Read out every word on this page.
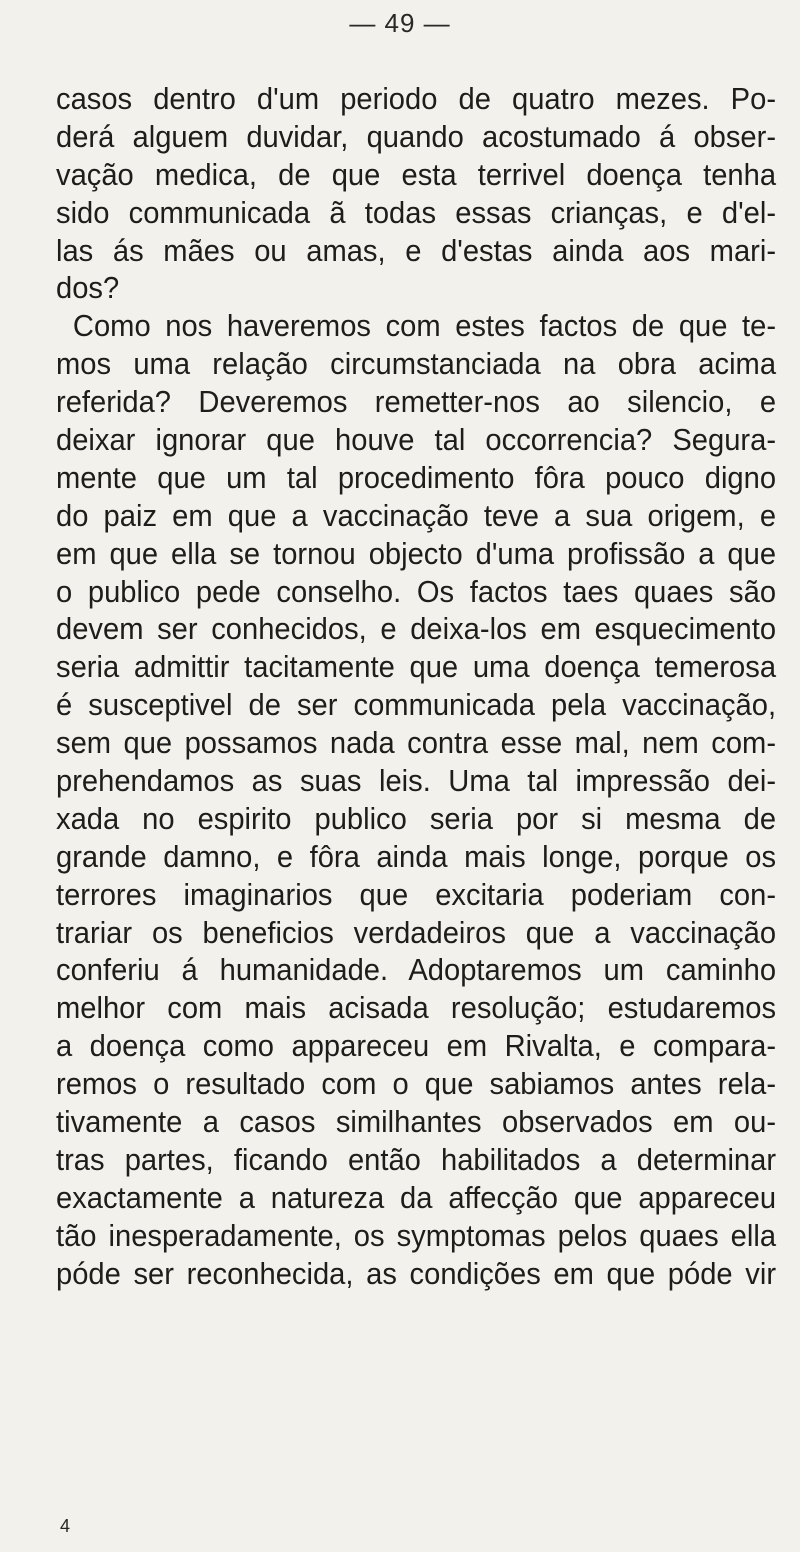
— 49 —
casos dentro d'um periodo de quatro mezes. Po-
derá alguem duvidar, quando acostumado á obser-
vação medica, de que esta terrivel doença tenha
sido communicada ã todas essas crianças, e d'el-
las ás mães ou amas, e d'estas ainda aos mari-
dos?
Como nos haveremos com estes factos de que te-
mos uma relação circumstanciada na obra acima
referida? Deveremos remetter-nos ao silencio, e
deixar ignorar que houve tal occorrencia? Segura-
mente que um tal procedimento fôra pouco digno
do paiz em que a vaccinação teve a sua origem, e
em que ella se tornou objecto d'uma profissão a que
o publico pede conselho. Os factos taes quaes são
devem ser conhecidos, e deixa-los em esquecimento
seria admittir tacitamente que uma doença temerosa
é susceptivel de ser communicada pela vaccinação,
sem que possamos nada contra esse mal, nem com-
prehendamos as suas leis. Uma tal impressão dei-
xada no espirito publico seria por si mesma de
grande damno, e fôra ainda mais longe, porque os
terrores imaginarios que excitaria poderiam con-
trariar os beneficios verdadeiros que a vaccinação
conferiu á humanidade. Adoptaremos um caminho
melhor com mais acisada resolução; estudaremos
a doença como appareceu em Rivalta, e compara-
remos o resultado com o que sabiamos antes rela-
tivamente a casos similhantes observados em ou-
tras partes, ficando então habilitados a determinar
exactamente a natureza da affecção que appareceu
tão inesperadamente, os symptomas pelos quaes ella
póde ser reconhecida, as condições em que póde vir
4
